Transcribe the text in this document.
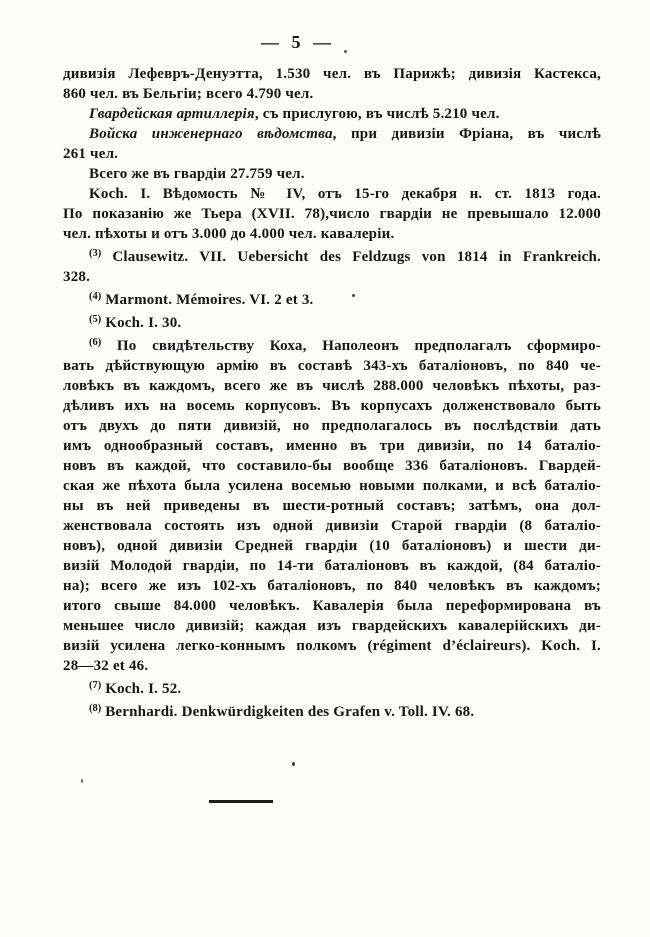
— 5 —
дивизія Лефевръ-Денуэтта, 1.530 чел. въ Парижѣ; дивизія Кастекса,
860 чел. въ Бельгіи; всего 4.790 чел.
Гвардейская артиллерія, съ прислугою, въ числѣ 5.210 чел.
Войска инженернаго вѣдомства, при дивизіи Фріана, въ числѣ
261 чел.
Всего же въ гвардіи 27.759 чел.
Koch. I. Вѣдомость № IV, отъ 15-го декабря н. ст. 1813 года.
По показанію же Тьера (XVII. 78),число гвардіи не превышало 12.000
чел. пѣхоты и отъ 3.000 до 4.000 чел. кавалеріи.
$^{(3)}$ Clausewitz. VII. Uebersicht des Feldzugs von 1814 in Frankreich.
328.
$^{(4)}$ Marmont. Mémoires. VI. 2 et 3.
$^{(5)}$ Koch. I. 30.
$^{(6)}$ По свидѣтельству Коха, Наполеонъ предполагалъ сформиро-
вать дѣйствующую армію въ составѣ 343-хъ баталіоновъ, по 840 че-
ловѣкъ въ каждомъ, всего же въ числѣ 288.000 человѣкъ пѣхоты, раз-
дѣливъ ихъ на восемь корпусовъ. Въ корпусахъ долженствовало быть
отъ двухъ до пяти дивизій, но предполагалось въ послѣдствіи дать
имъ однообразный составъ, именно въ три дивизіи, по 14 баталіо-
новъ въ каждой, что составило-бы вообще 336 баталіоновъ. Гвардей-
ская же пѣхота была усилена восемью новыми полками, и всѣ баталіо-
ны въ ней приведены въ шести-ротный составъ; затѣмъ, она дол-
женствовала состоять изъ одной дивизіи Старой гвардіи (8 баталіо-
новъ), одной дивизіи Средней гвардіи (10 баталіоновъ) и шести ди-
визій Молодой гвардіи, по 14-ти баталіоновъ въ каждой, (84 баталіо-
на); всего же изъ 102-хъ баталіоновъ, по 840 человѣкъ въ каждомъ;
итого свыше 84.000 человѣкъ. Кавалерія была переформирована въ
меньшее число дивизій; каждая изъ гвардейскихъ кавалерійскихъ ди-
визій усилена легко-коннымъ полкомъ (régiment d’éclaireurs). Koch. I.
28—32 et 46.
$^{(7)}$ Koch. I. 52.
$^{(8)}$ Bernhardi. Denkwürdigkeiten des Grafen v. Toll. IV. 68.
